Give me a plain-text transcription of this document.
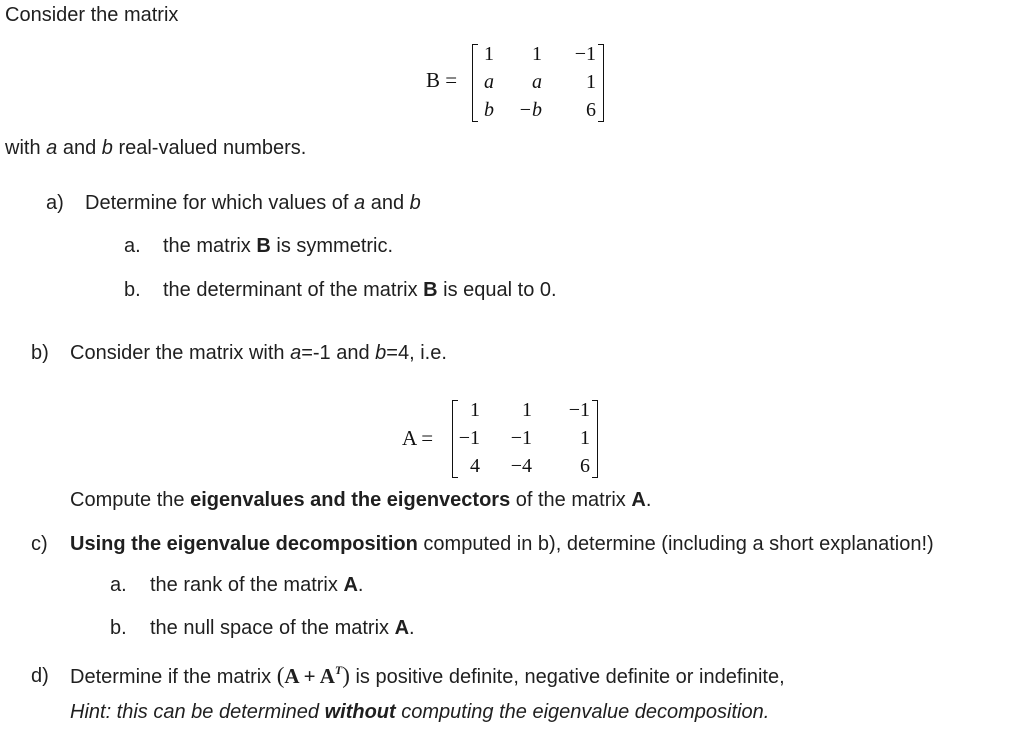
Consider the matrix
B =
1	1	−1
a	a	1
b	−b	6
with a and b real-valued numbers.
a) Determine for which values of a and b
a. the matrix B is symmetric.
b. the determinant of the matrix B is equal to 0.
b) Consider the matrix with a=-1 and b=4, i.e.
A =
1	1	−1
−1	−1	1
4	−4	6
Compute the eigenvalues and the eigenvectors of the matrix A.
c) Using the eigenvalue decomposition computed in b), determine (including a short explanation!)
a. the rank of the matrix A.
b. the null space of the matrix A.
d) Determine if the matrix $(A + A^T)$ is positive definite, negative definite or indefinite,
Hint: this can be determined without computing the eigenvalue decomposition.
